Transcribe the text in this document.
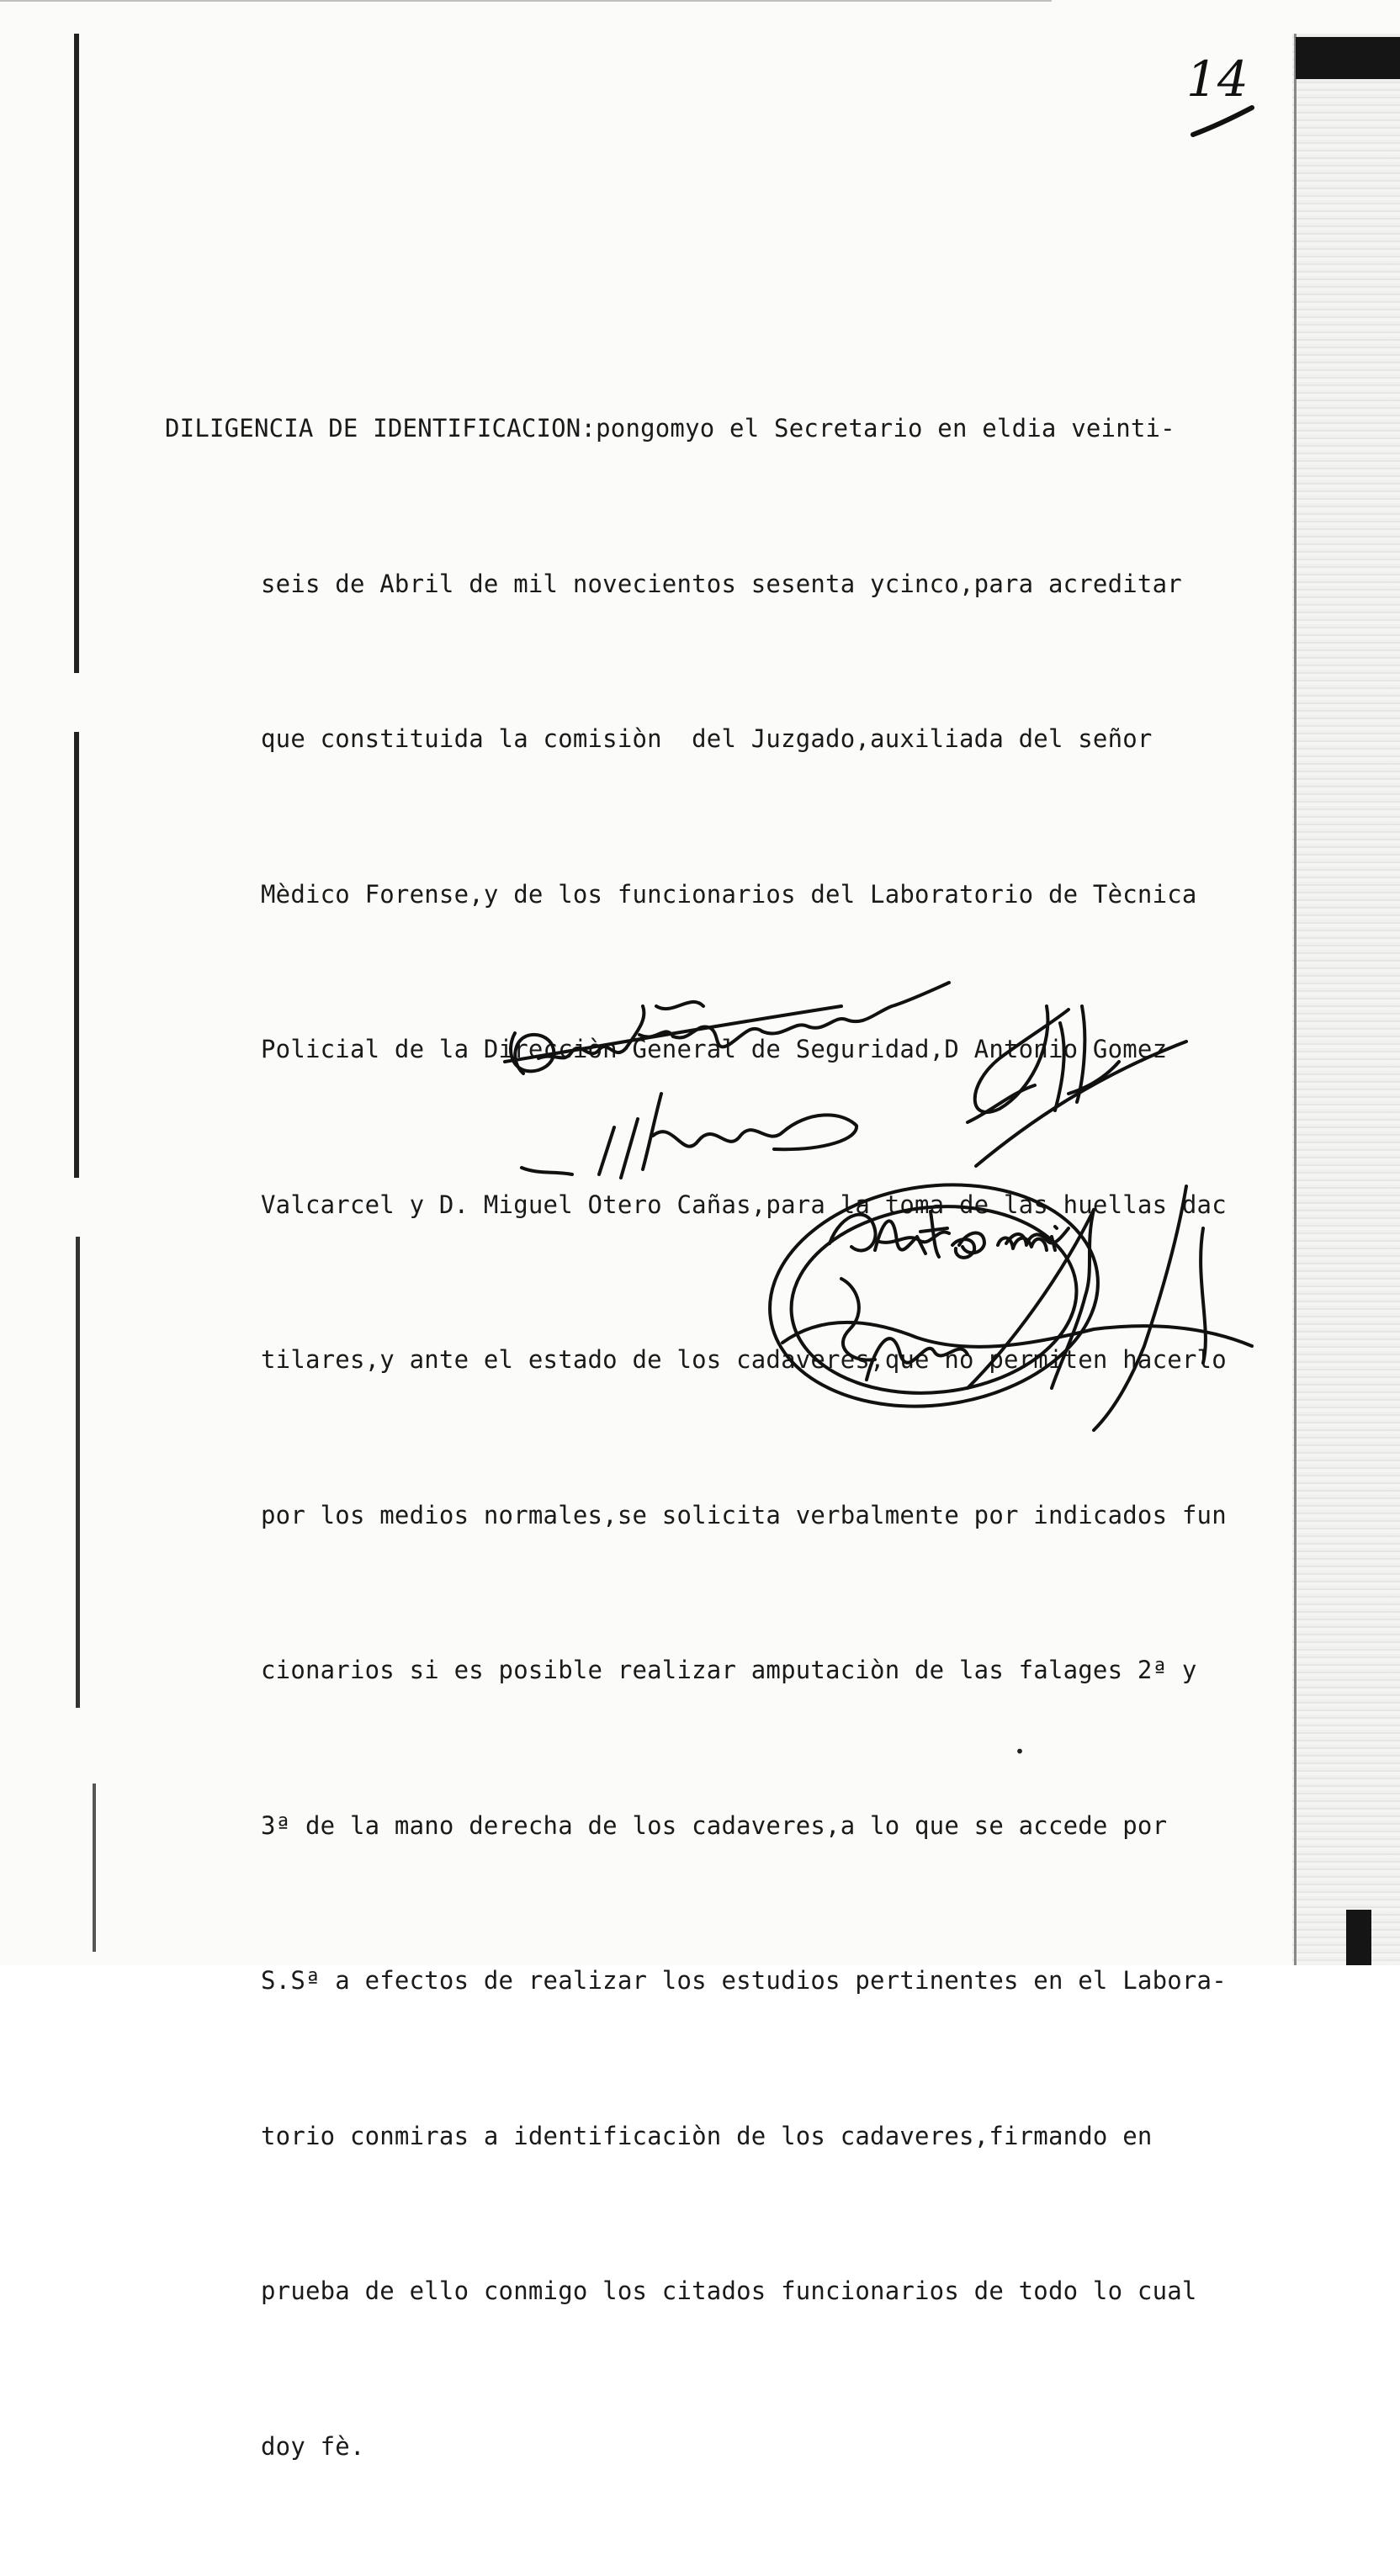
14

DILIGENCIA DE IDENTIFICACION:pongomyo el Secretario en eldia veinti-

seis de Abril de mil novecientos sesenta ycinco,para acreditar

que constituida la comisiòn  del Juzgado,auxiliada del señor

Mèdico Forense,y de los funcionarios del Laboratorio de Tècnica

Policial de la Direcciòn General de Seguridad,D Antonio Gomez

Valcarcel y D. Miguel Otero Cañas,para la toma de las huellas dac

tilares,y ante el estado de los cadaveres,que no permiten hacerlo

por los medios normales,se solicita verbalmente por indicados fun

cionarios si es posible realizar amputaciòn de las falages 2ª y

3ª de la mano derecha de los cadaveres,a lo que se accede por

S.Sª a efectos de realizar los estudios pertinentes en el Labora-

torio conmiras a identificaciòn de los cadaveres,firmando en

prueba de ello conmigo los citados funcionarios de todo lo cual

doy fè.

•
